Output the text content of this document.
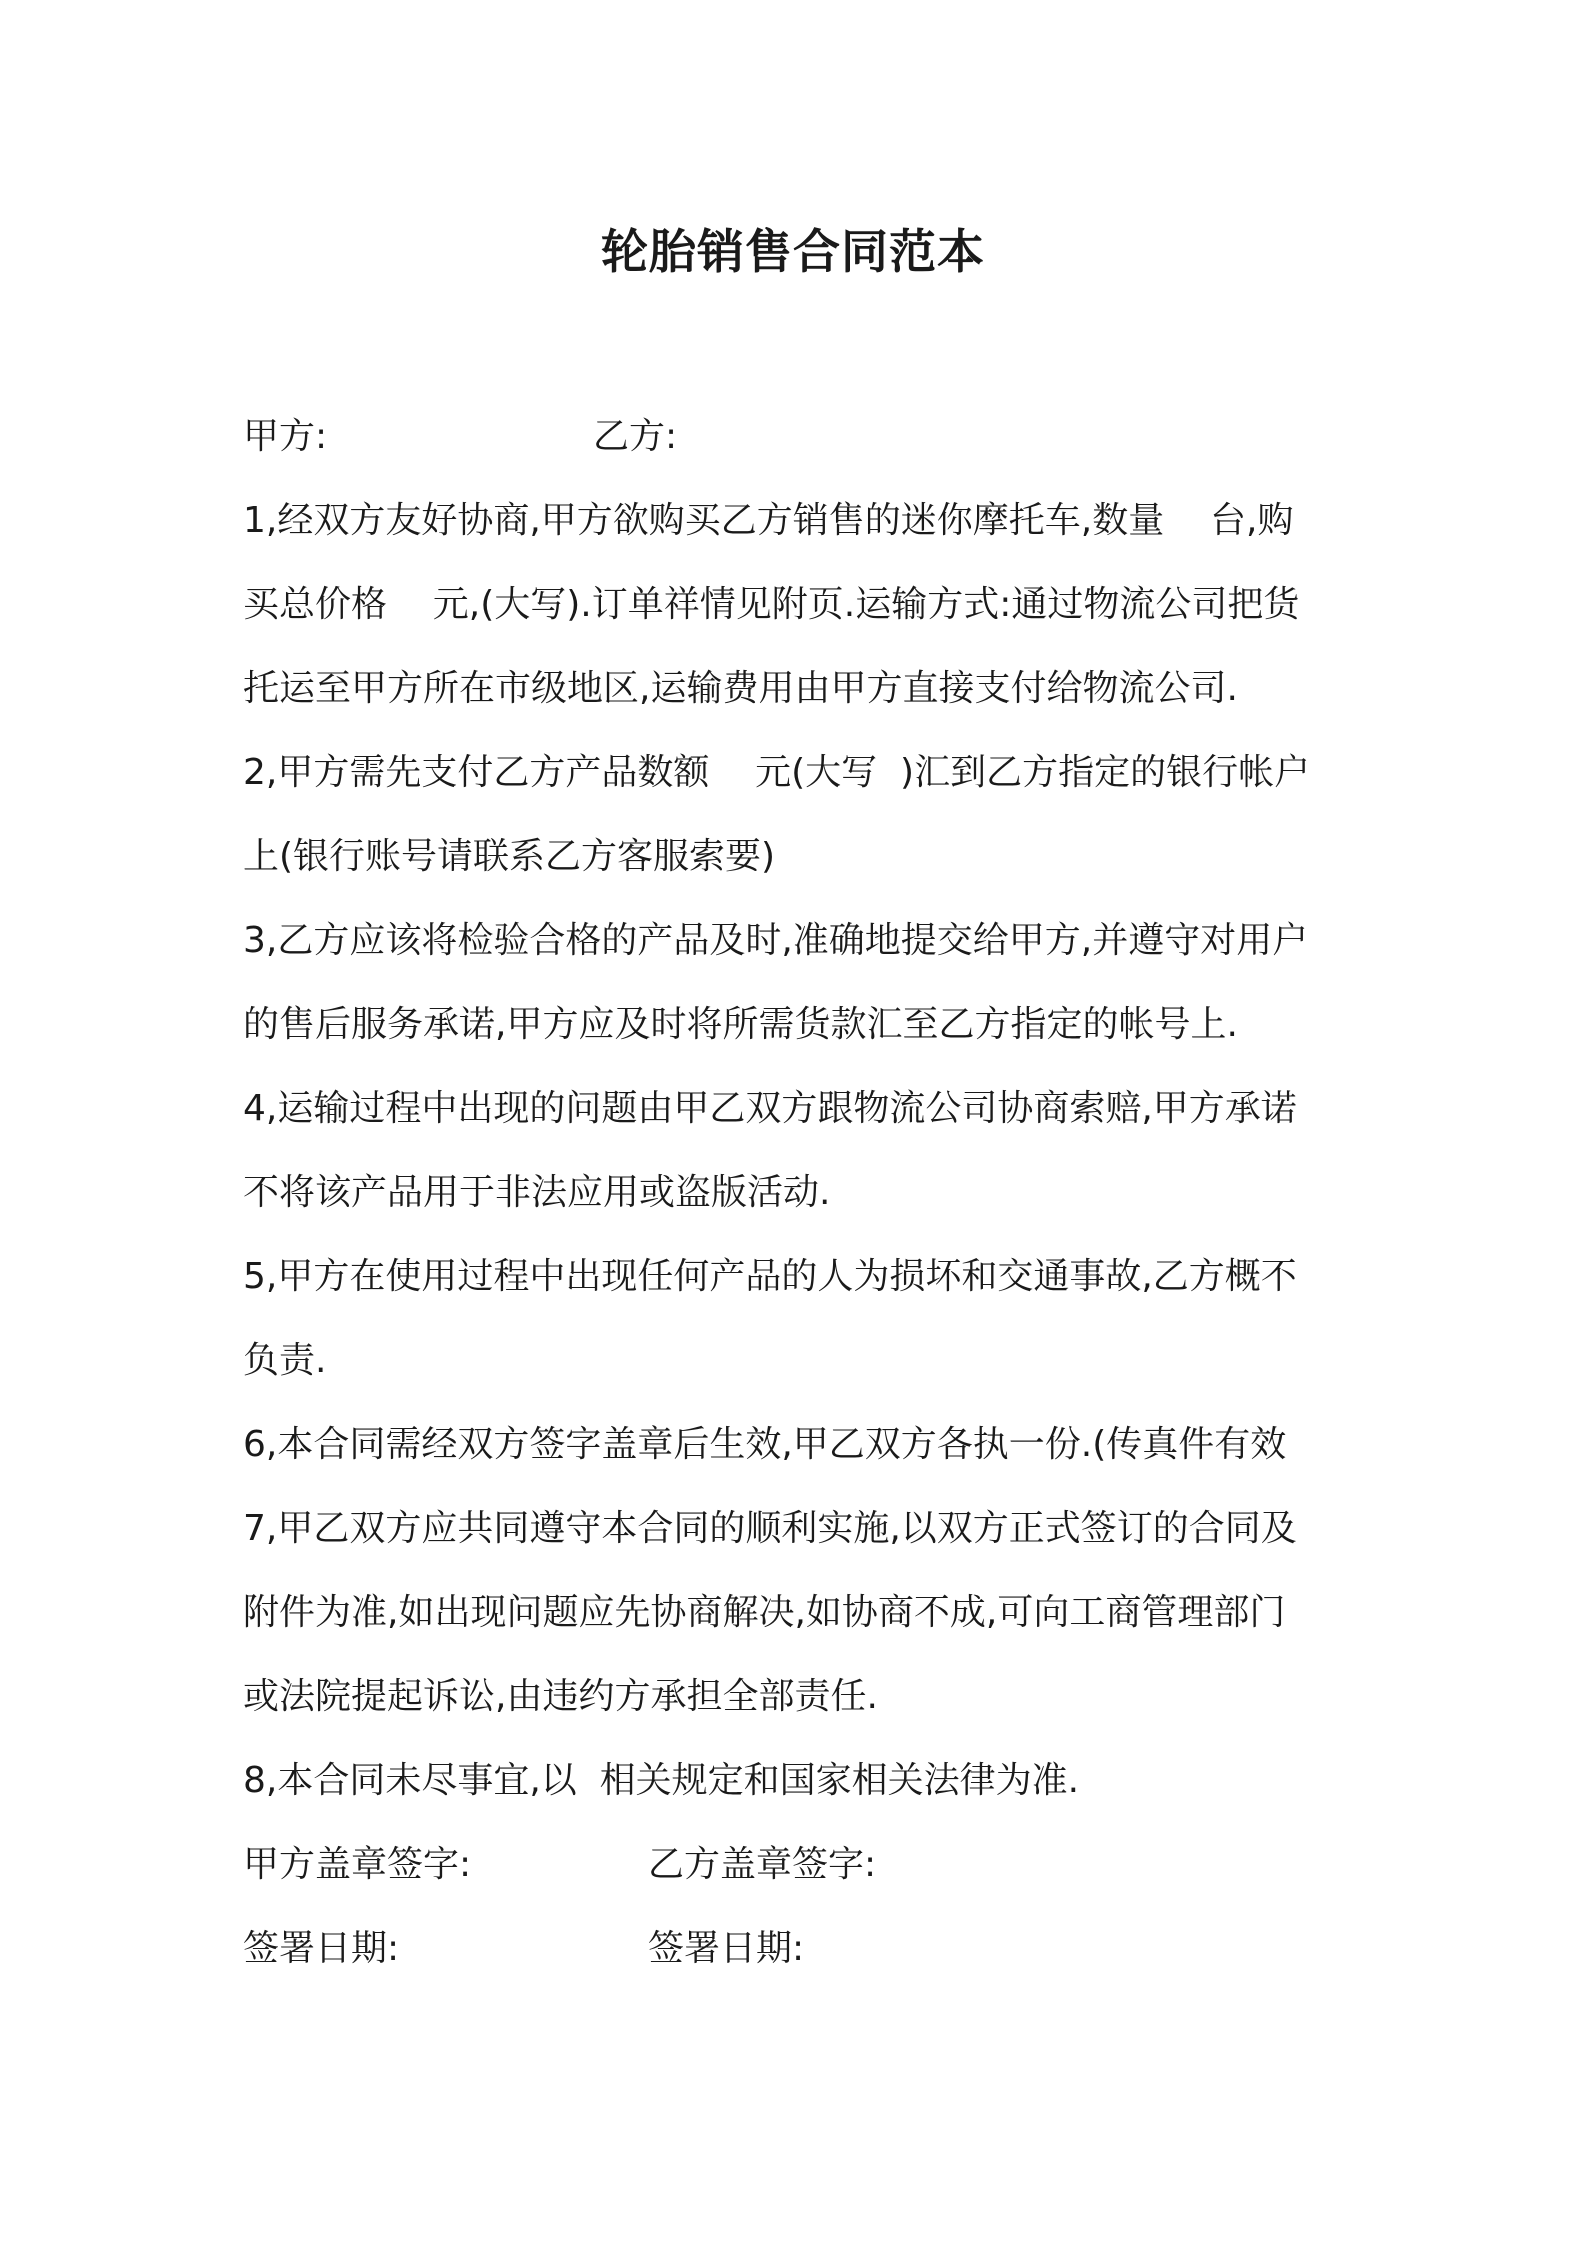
轮胎销售合同范本
甲方:	乙方:
1,经双方友好协商,甲方欲购买乙方销售的迷你摩托车,数量    台,购
买总价格    元,(大写).订单祥情见附页.运输方式:通过物流公司把货
托运至甲方所在市级地区,运输费用由甲方直接支付给物流公司.
2,甲方需先支付乙方产品数额    元(大写  )汇到乙方指定的银行帐户
上(银行账号请联系乙方客服索要)
3,乙方应该将检验合格的产品及时,准确地提交给甲方,并遵守对用户
的售后服务承诺,甲方应及时将所需货款汇至乙方指定的帐号上.
4,运输过程中出现的问题由甲乙双方跟物流公司协商索赔,甲方承诺
不将该产品用于非法应用或盗版活动.
5,甲方在使用过程中出现任何产品的人为损坏和交通事故,乙方概不
负责.
6,本合同需经双方签字盖章后生效,甲乙双方各执一份.(传真件有效
7,甲乙双方应共同遵守本合同的顺利实施,以双方正式签订的合同及
附件为准,如出现问题应先协商解决,如协商不成,可向工商管理部门
或法院提起诉讼,由违约方承担全部责任.
8,本合同未尽事宜,以  相关规定和国家相关法律为准.
甲方盖章签字:	乙方盖章签字:
签署日期:	签署日期:
